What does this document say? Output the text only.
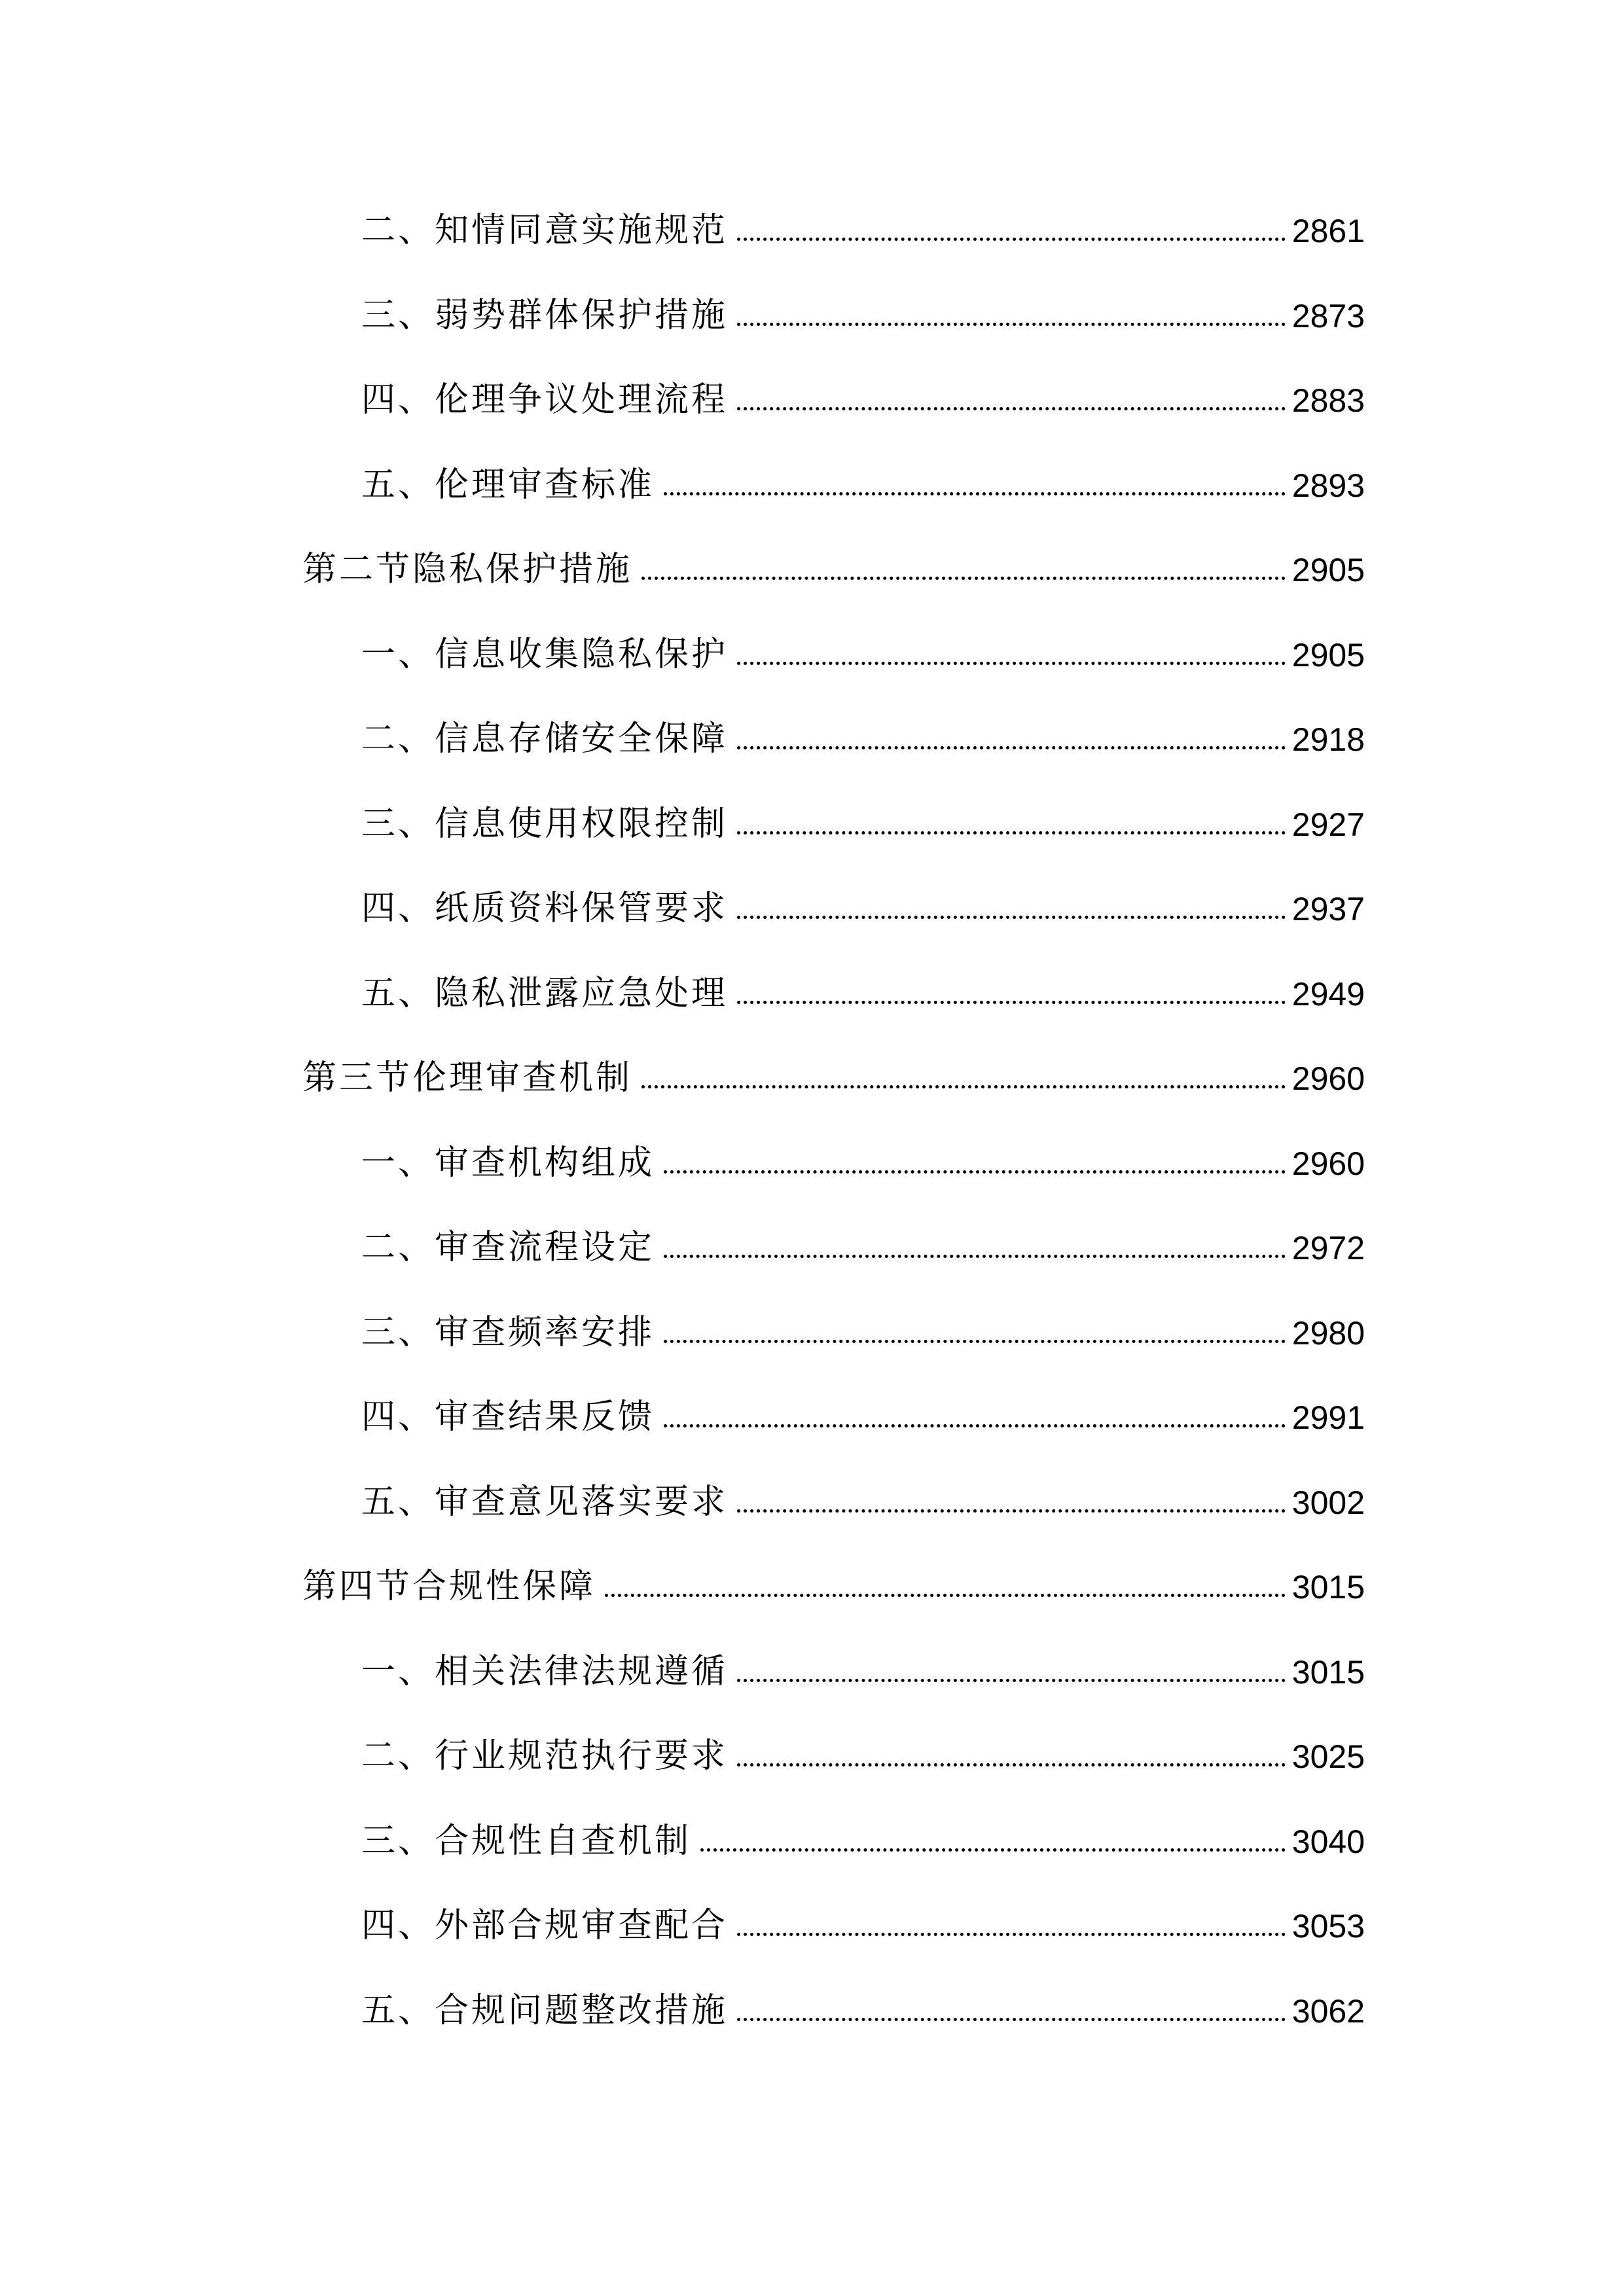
二、知情同意实施规范	2861
三、弱势群体保护措施	2873
四、伦理争议处理流程	2883
五、伦理审查标准	2893
第二节隐私保护措施	2905
一、信息收集隐私保护	2905
二、信息存储安全保障	2918
三、信息使用权限控制	2927
四、纸质资料保管要求	2937
五、隐私泄露应急处理	2949
第三节伦理审查机制	2960
一、审查机构组成	2960
二、审查流程设定	2972
三、审查频率安排	2980
四、审查结果反馈	2991
五、审查意见落实要求	3002
第四节合规性保障	3015
一、相关法律法规遵循	3015
二、行业规范执行要求	3025
三、合规性自查机制	3040
四、外部合规审查配合	3053
五、合规问题整改措施	3062
